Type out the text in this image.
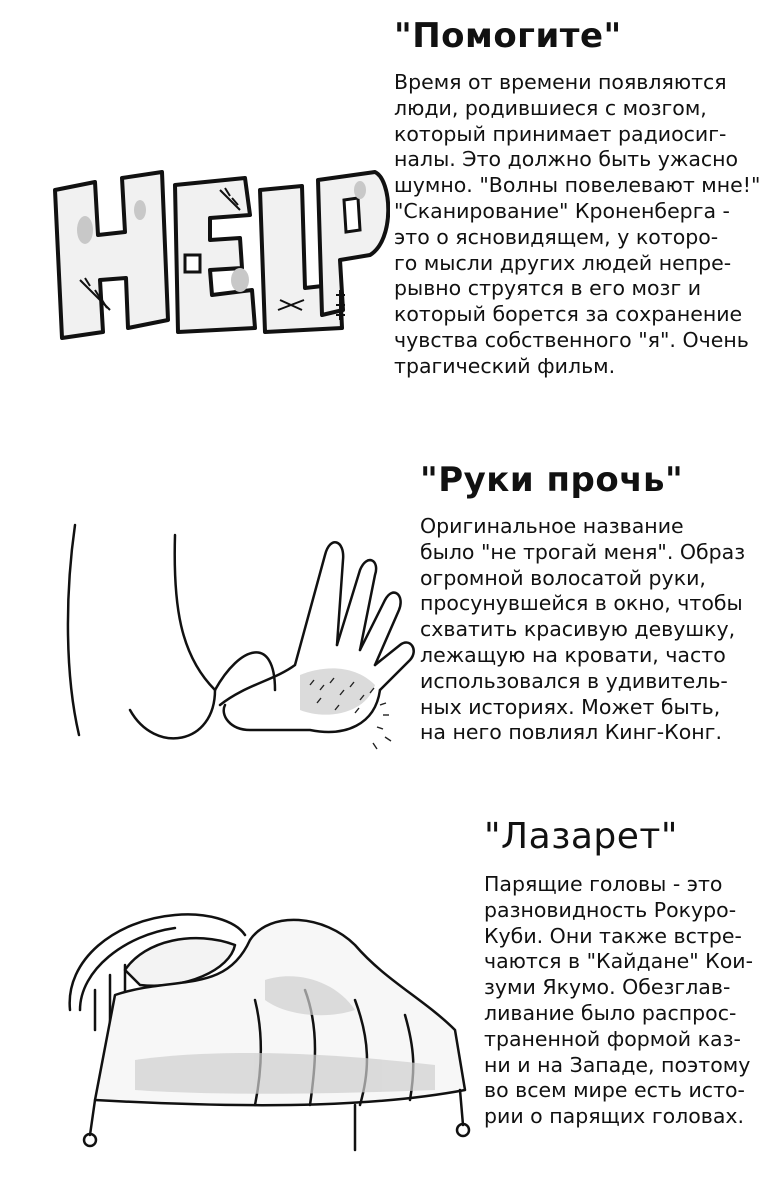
"Помогите"
Время от времени появляются
люди, родившиеся с мозгом,
который принимает радиосиг-
налы. Это должно быть ужасно
шумно. "Волны повелевают мне!"
"Сканирование" Кроненберга -
это о ясновидящем, у которо-
го мысли других людей непре-
рывно струятся в его мозг и
который борется за сохранение
чувства собственного "я". Очень
трагический фильм.
HELP
"Руки прочь"
Оригинальное название
было "не трогай меня". Образ
огромной волосатой руки,
просунувшейся в окно, чтобы
схватить красивую девушку,
лежащую на кровати, часто
использовался в удивитель-
ных историях. Может быть,
на него повлиял Кинг-Конг.
"Лазарет"
Парящие головы - это
разновидность Рокуро-
Куби. Они также встре-
чаются в "Кайдане" Кои-
зуми Якумо. Обезглав-
ливание было распрос-
траненной формой каз-
ни и на Западе, поэтому
во всем мире есть исто-
рии о парящих головах.
